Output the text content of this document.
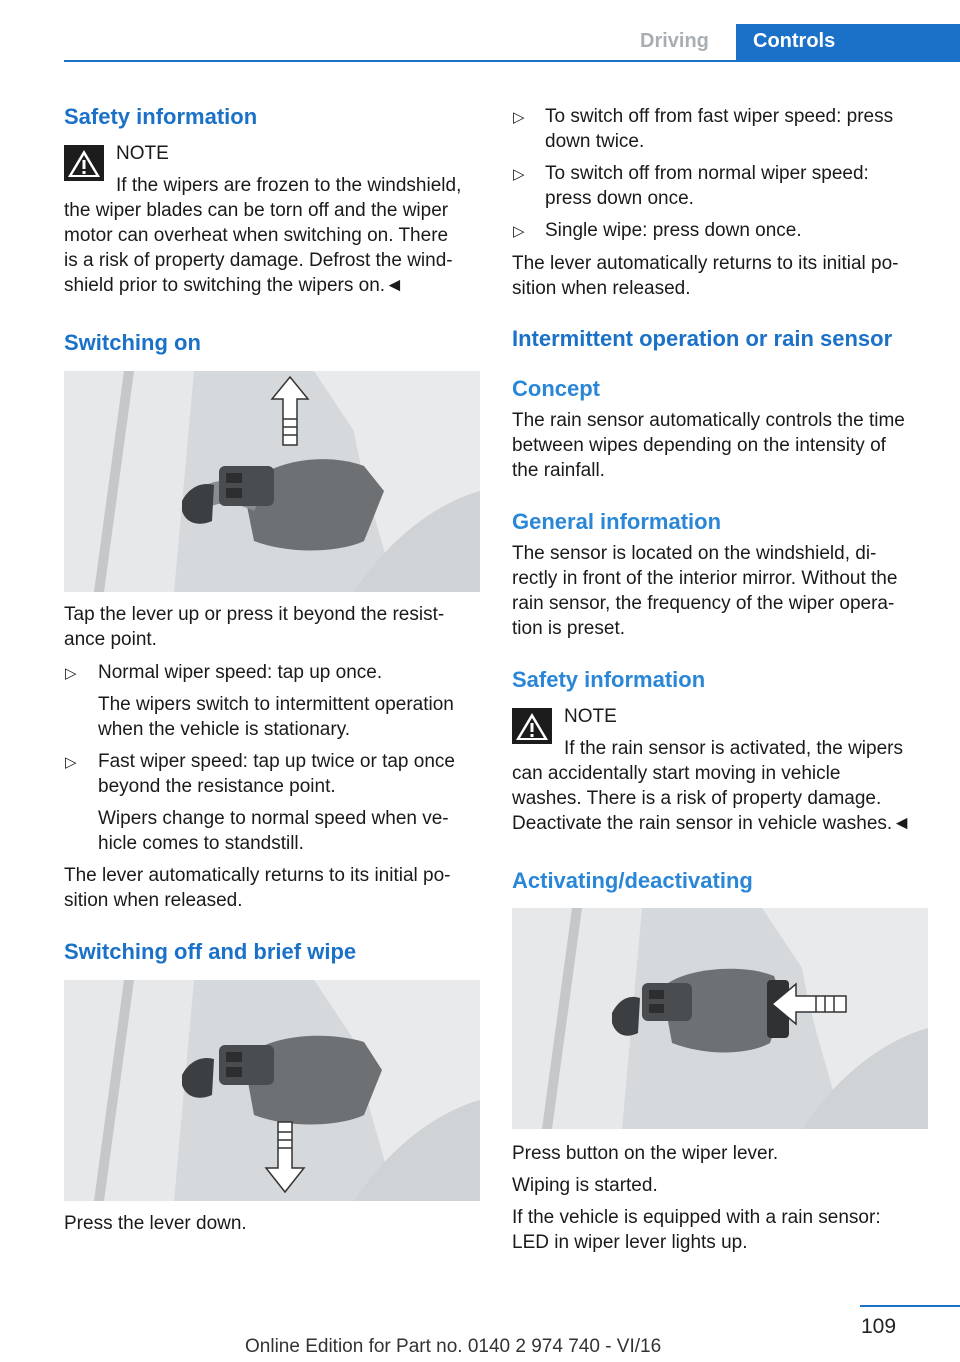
Driving	Controls
Safety information
NOTE
If the wipers are frozen to the windshield,
the wiper blades can be torn off and the wiper
motor can overheat when switching on. There
is a risk of property damage. Defrost the wind-
shield prior to switching the wipers on.◄
Switching on
Tap the lever up or press it beyond the resist-
ance point.
▷ Normal wiper speed: tap up once.
The wipers switch to intermittent operation
when the vehicle is stationary.
▷ Fast wiper speed: tap up twice or tap once
beyond the resistance point.
Wipers change to normal speed when ve-
hicle comes to standstill.
The lever automatically returns to its initial po-
sition when released.
Switching off and brief wipe
Press the lever down.
▷ To switch off from fast wiper speed: press
down twice.
▷ To switch off from normal wiper speed:
press down once.
▷ Single wipe: press down once.
The lever automatically returns to its initial po-
sition when released.
Intermittent operation or rain sensor
Concept
The rain sensor automatically controls the time
between wipes depending on the intensity of
the rainfall.
General information
The sensor is located on the windshield, di-
rectly in front of the interior mirror. Without the
rain sensor, the frequency of the wiper opera-
tion is preset.
Safety information
NOTE
If the rain sensor is activated, the wipers
can accidentally start moving in vehicle
washes. There is a risk of property damage.
Deactivate the rain sensor in vehicle washes.◄
Activating/deactivating
Press button on the wiper lever.
Wiping is started.
If the vehicle is equipped with a rain sensor:
LED in wiper lever lights up.
109
Online Edition for Part no. 0140 2 974 740 - VI/16
